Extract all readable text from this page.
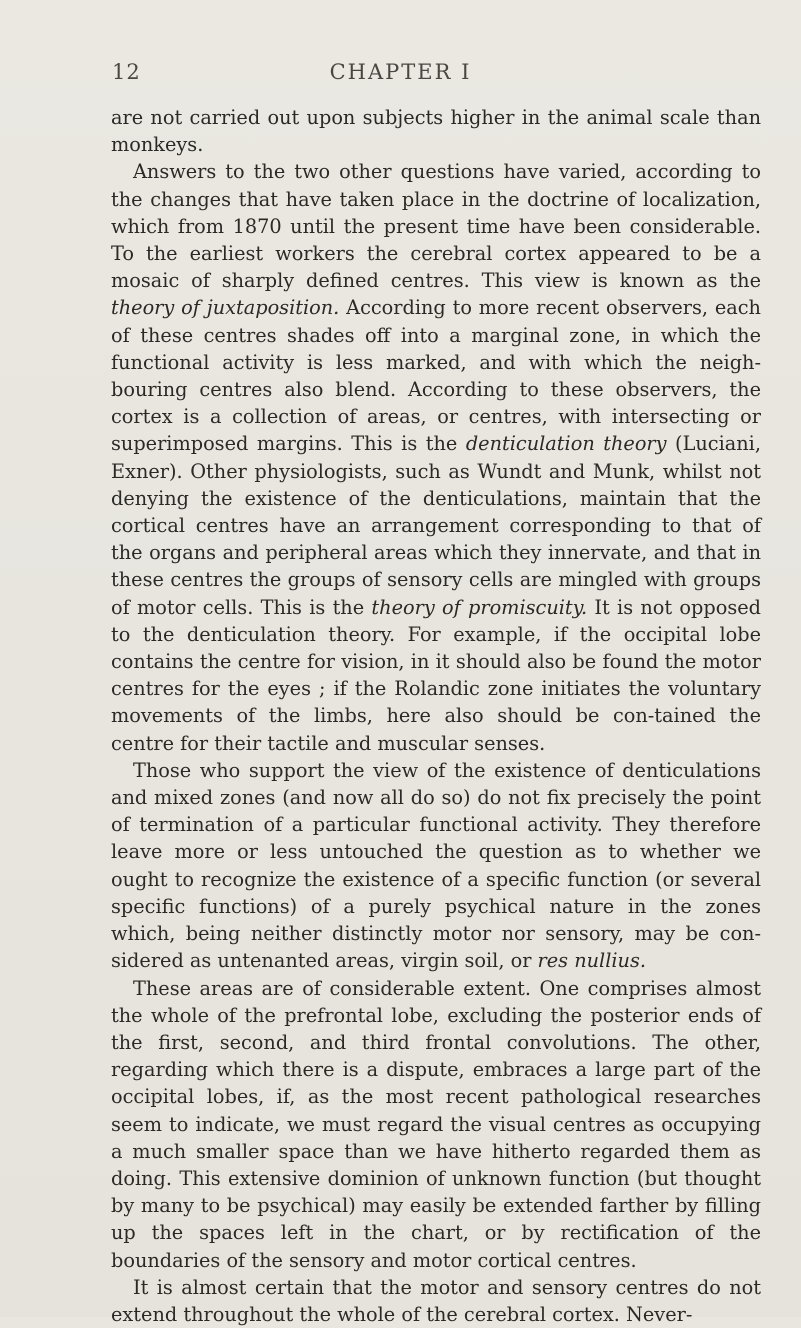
12	CHAPTER I

are not carried out upon subjects higher in the animal scale than monkeys.

Answers to the two other questions have varied, according to the changes that have taken place in the doctrine of localization, which from 1870 until the present time have been considerable. To the earliest workers the cerebral cortex appeared to be a mosaic of sharply defined centres. This view is known as the theory of juxtaposition. According to more recent observers, each of these centres shades off into a marginal zone, in which the functional activity is less marked, and with which the neigh-bouring centres also blend. According to these observers, the cortex is a collection of areas, or centres, with intersecting or superimposed margins. This is the denticulation theory (Luciani, Exner). Other physiologists, such as Wundt and Munk, whilst not denying the existence of the denticulations, maintain that the cortical centres have an arrangement corresponding to that of the organs and peripheral areas which they innervate, and that in these centres the groups of sensory cells are mingled with groups of motor cells. This is the theory of promiscuity. It is not opposed to the denticulation theory. For example, if the occipital lobe contains the centre for vision, in it should also be found the motor centres for the eyes ; if the Rolandic zone initiates the voluntary movements of the limbs, here also should be con-tained the centre for their tactile and muscular senses.

Those who support the view of the existence of denticulations and mixed zones (and now all do so) do not fix precisely the point of termination of a particular functional activity. They therefore leave more or less untouched the question as to whether we ought to recognize the existence of a specific function (or several specific functions) of a purely psychical nature in the zones which, being neither distinctly motor nor sensory, may be con-sidered as untenanted areas, virgin soil, or res nullius.

These areas are of considerable extent. One comprises almost the whole of the prefrontal lobe, excluding the posterior ends of the first, second, and third frontal convolutions. The other, regarding which there is a dispute, embraces a large part of the occipital lobes, if, as the most recent pathological researches seem to indicate, we must regard the visual centres as occupying a much smaller space than we have hitherto regarded them as doing. This extensive dominion of unknown function (but thought by many to be psychical) may easily be extended farther by filling up the spaces left in the chart, or by rectification of the boundaries of the sensory and motor cortical centres.

It is almost certain that the motor and sensory centres do not extend throughout the whole of the cerebral cortex. Never-
